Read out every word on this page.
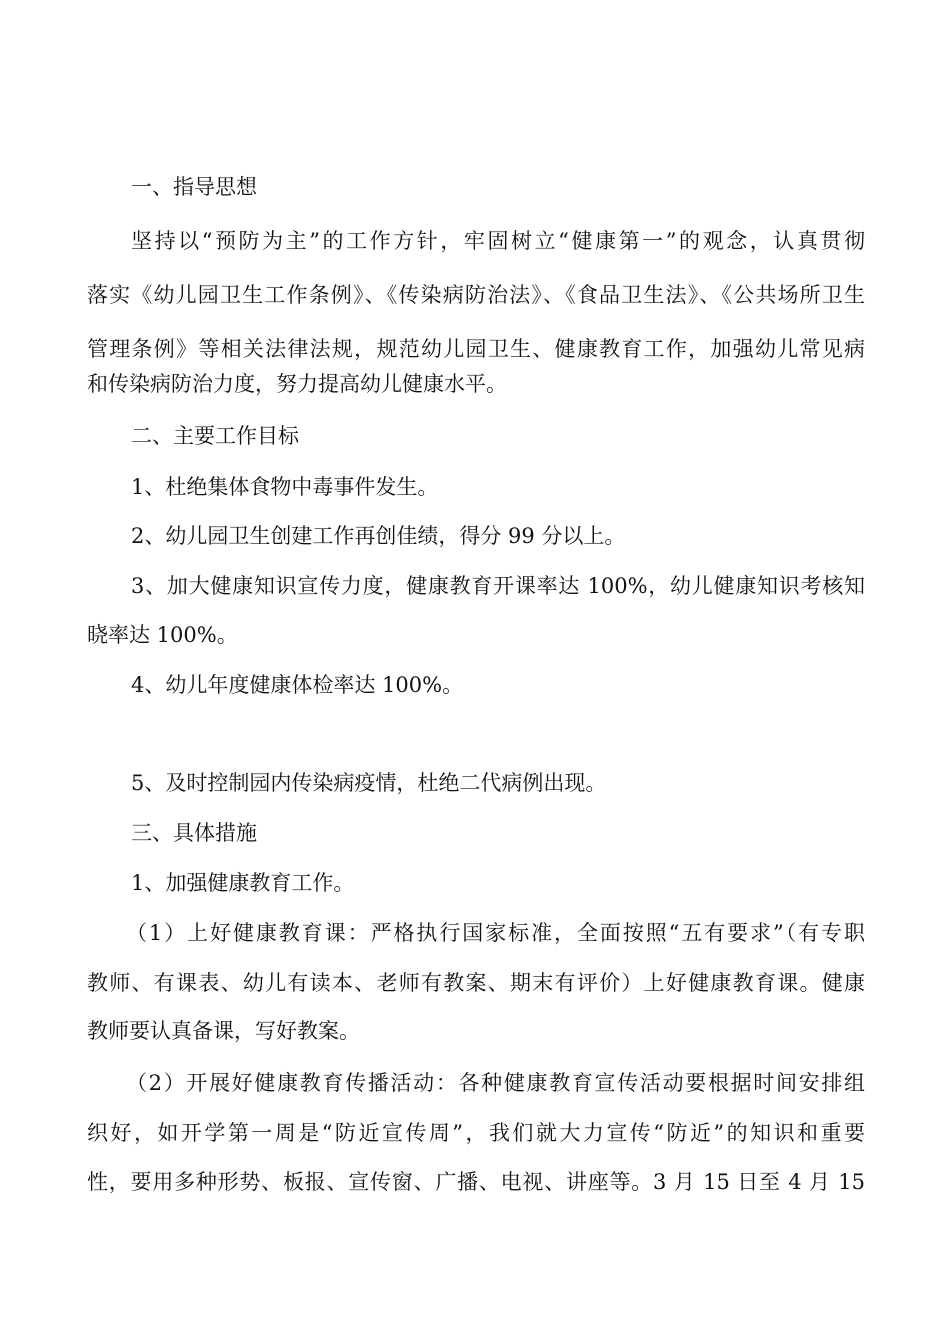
一、指导思想
坚持以“预防为主”的工作方针，牢固树立“健康第一”的观念，认真贯彻
落实《幼儿园卫生工作条例》、《传染病防治法》、《食品卫生法》、《公共场所卫生
管理条例》等相关法律法规，规范幼儿园卫生、健康教育工作，加强幼儿常见病
和传染病防治力度，努力提高幼儿健康水平。
二、主要工作目标
1、杜绝集体食物中毒事件发生。
2、幼儿园卫生创建工作再创佳绩，得分 99 分以上。
3、加大健康知识宣传力度，健康教育开课率达 100%，幼儿健康知识考核知
晓率达 100%。
4、幼儿年度健康体检率达 100%。
5、及时控制园内传染病疫情，杜绝二代病例出现。
三、具体措施
1、加强健康教育工作。
（1）上好健康教育课：严格执行国家标准，全面按照“五有要求”（有专职
教师、有课表、幼儿有读本、老师有教案、期末有评价）上好健康教育课。健康
教师要认真备课，写好教案。
（2）开展好健康教育传播活动：各种健康教育宣传活动要根据时间安排组
织好，如开学第一周是“防近宣传周”，我们就大力宣传“防近”的知识和重要
性，要用多种形势、板报、宣传窗、广播、电视、讲座等。3 月 15 日至 4 月 15
